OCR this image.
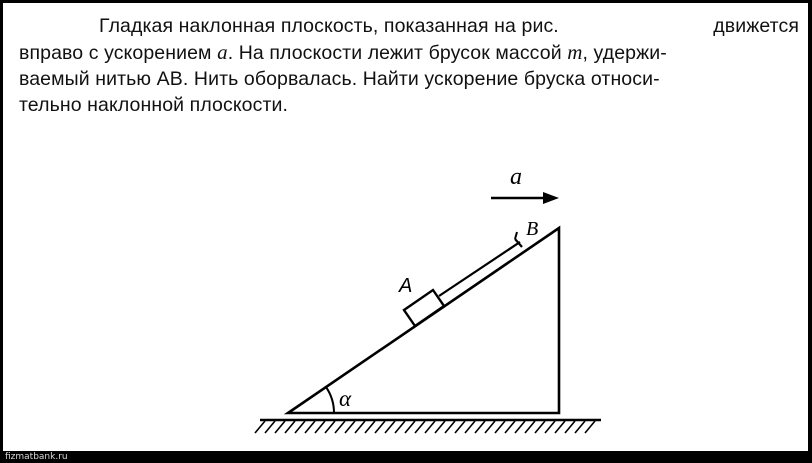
Гладкая наклонная плоскость, показанная на рис.	движется
вправо с ускорением a. На плоскости лежит брусок массой m, удержи-
ваемый нитью AB. Нить оборвалась. Найти ускорение бруска относи-
тельно наклонной плоскости.
α
A
B
a
fizmatbank.ru
